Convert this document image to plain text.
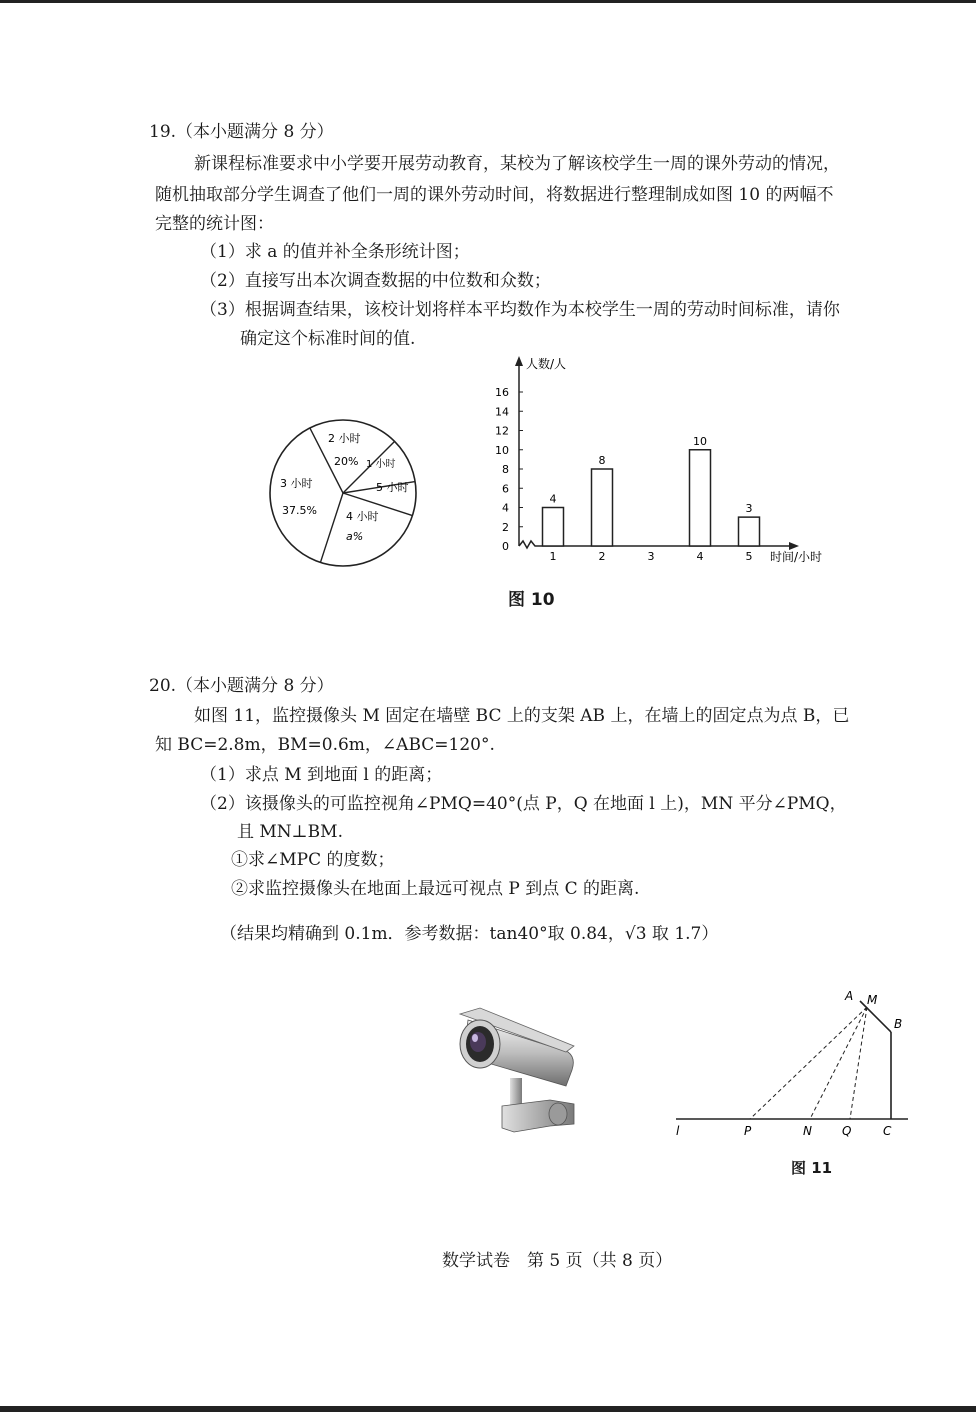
19.（本小题满分 8 分）
新课程标准要求中小学要开展劳动教育，某校为了解该校学生一周的课外劳动的情况，
随机抽取部分学生调查了他们一周的课外劳动时间，将数据进行整理制成如图 10 的两幅不
完整的统计图：
（1）求 a 的值并补全条形统计图；
（2）直接写出本次调查数据的中位数和众数；
（3）根据调查结果，该校计划将样本平均数作为本校学生一周的劳动时间标准，请你
确定这个标准时间的值.
2 小时
20% 1 小时
5 小时
4 小时
a%
3 小时
37.5%
人数/人
时间/小时
0
2
4
6
8
10
12
14
16
1	2	3	4	5
4
8
10
3
图 10
20.（本小题满分 8 分）
如图 11，监控摄像头 M 固定在墙壁 BC 上的支架 AB 上，在墙上的固定点为点 B，已
知 BC=2.8m，BM=0.6m，∠ABC=120°.
（1）求点 M 到地面 l 的距离；
（2）该摄像头的可监控视角∠PMQ=40°(点 P，Q 在地面 l 上)，MN 平分∠PMQ，
且 MN⊥BM.
①求∠MPC 的度数；
②求监控摄像头在地面上最远可视点 P 到点 C 的距离.
（结果均精确到 0.1m．参考数据：tan40°取 0.84，√3 取 1.7）
A M
B
l	P	N	Q	C
图 11
数学试卷　第 5 页（共 8 页）
